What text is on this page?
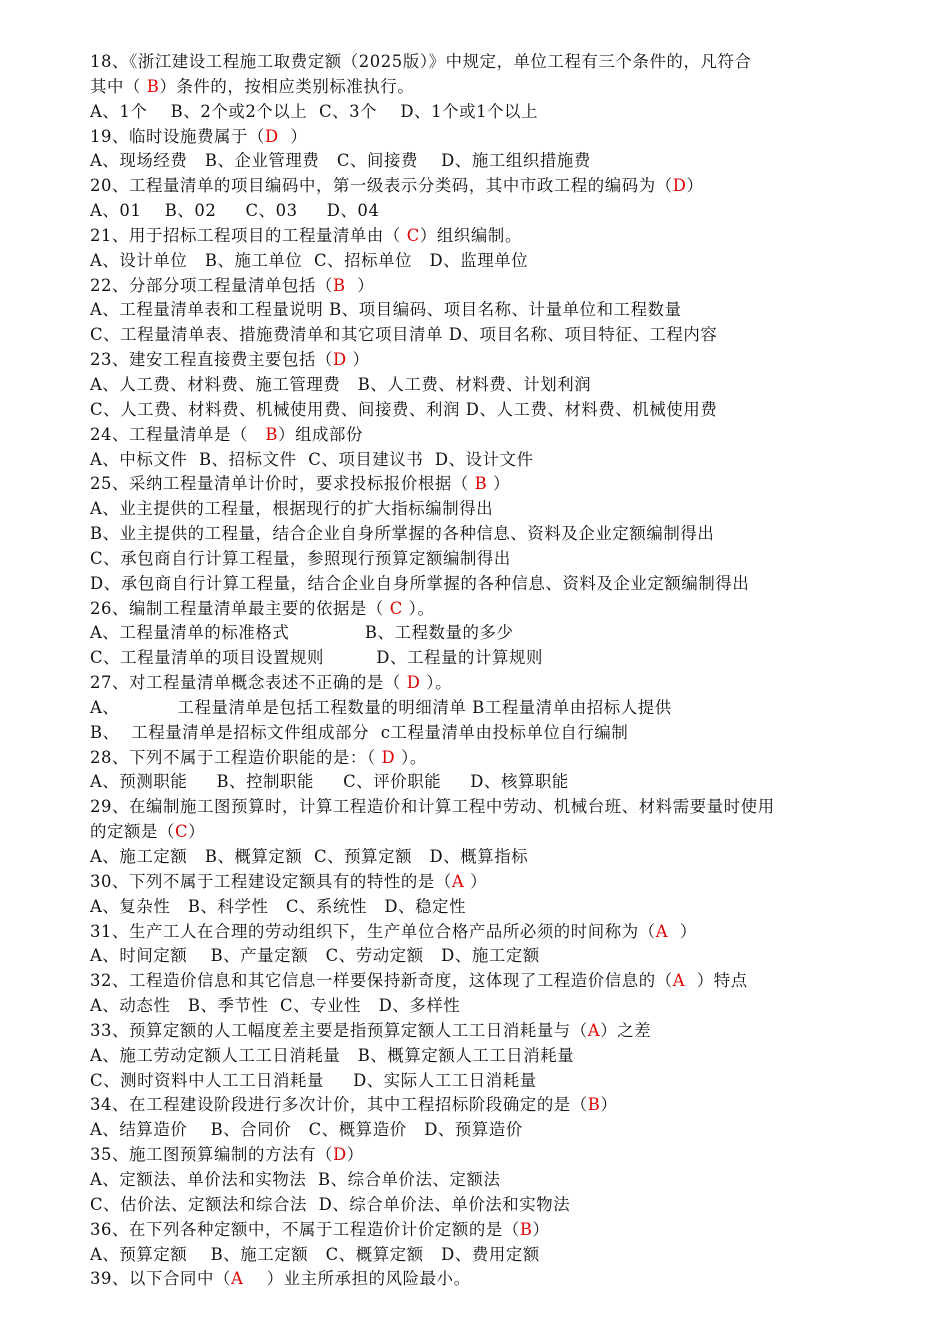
18、《浙江建设工程施工取费定额（2025版）》中规定，单位工程有三个条件的，凡符合
其中（ B）条件的，按相应类别标准执行。
A、1个    B、2个或2个以上  C、3个    D、1个或1个以上
19、临时设施费属于（D  ）
A、现场经费   B、企业管理费   C、间接费    D、施工组织措施费
20、工程量清单的项目编码中，第一级表示分类码，其中市政工程的编码为（D）
A、01    B、02     C、03     D、04
21、用于招标工程项目的工程量清单由（ C）组织编制。
A、设计单位   B、施工单位  C、招标单位   D、监理单位
22、分部分项工程量清单包括（B  ）
A、工程量清单表和工程量说明 B、项目编码、项目名称、计量单位和工程数量
C、工程量清单表、措施费清单和其它项目清单 D、项目名称、项目特征、工程内容
23、建安工程直接费主要包括（D ）
A、人工费、材料费、施工管理费   B、人工费、材料费、计划利润
C、人工费、材料费、机械使用费、间接费、利润 D、人工费、材料费、机械使用费
24、工程量清单是（   B）组成部份
A、中标文件  B、招标文件  C、项目建议书  D、设计文件
25、采纳工程量清单计价时，要求投标报价根据（ B ）
A、业主提供的工程量，根据现行的扩大指标编制得出
B、业主提供的工程量，结合企业自身所掌握的各种信息、资料及企业定额编制得出
C、承包商自行计算工程量，参照现行预算定额编制得出
D、承包商自行计算工程量，结合企业自身所掌握的各种信息、资料及企业定额编制得出
26、编制工程量清单最主要的依据是（ C ）。
A、工程量清单的标准格式             B、工程数量的多少
C、工程量清单的项目设置规则         D、工程量的计算规则
27、对工程量清单概念表述不正确的是（ D ）。
A、          工程量清单是包括工程数量的明细清单 B工程量清单由招标人提供
B、  工程量清单是招标文件组成部分  c工程量清单由投标单位自行编制
28、下列不属于工程造价职能的是：（ D ）。
A、预测职能     B、控制职能     C、评价职能     D、核算职能
29、在编制施工图预算时，计算工程造价和计算工程中劳动、机械台班、材料需要量时使用
的定额是（C）
A、施工定额   B、概算定额  C、预算定额   D、概算指标
30、下列不属于工程建设定额具有的特性的是（A ）
A、复杂性   B、科学性   C、系统性   D、稳定性
31、生产工人在合理的劳动组织下，生产单位合格产品所必须的时间称为（A  ）
A、时间定额    B、产量定额   C、劳动定额   D、施工定额
32、工程造价信息和其它信息一样要保持新奇度，这体现了工程造价信息的（A  ）特点
A、动态性   B、季节性  C、专业性   D、多样性
33、预算定额的人工幅度差主要是指预算定额人工工日消耗量与（A）之差
A、施工劳动定额人工工日消耗量   B、概算定额人工工日消耗量
C、测时资料中人工工日消耗量     D、实际人工工日消耗量
34、在工程建设阶段进行多次计价，其中工程招标阶段确定的是（B）
A、结算造价    B、合同价   C、概算造价   D、预算造价
35、施工图预算编制的方法有（D）
A、定额法、单价法和实物法  B、综合单价法、定额法
C、估价法、定额法和综合法  D、综合单价法、单价法和实物法
36、在下列各种定额中，不属于工程造价计价定额的是（B）
A、预算定额    B、施工定额   C、概算定额   D、费用定额
39、以下合同中（A    ）业主所承担的风险最小。
